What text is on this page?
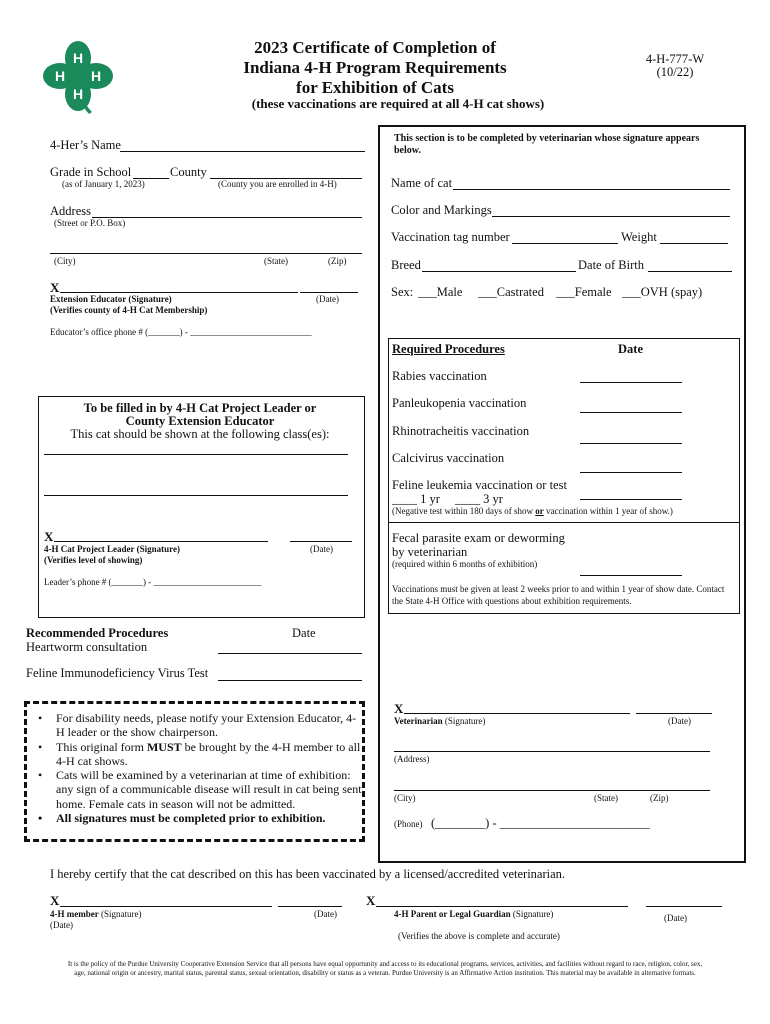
H
H
H H
2023 Certificate of Completion of
Indiana 4-H Program Requirements
for Exhibition of Cats
(these vaccinations are required at all 4-H cat shows)
4-H-777-W
(10/22)
4-Her’s Name
Grade in School	County
(as of January 1, 2023)	(County you are enrolled in 4-H)
Address
(Street or P.O. Box)
(City)	(State)	(Zip)
X
Extension Educator (Signature)	(Date)
(Verifies county of 4-H Cat Membership)
Educator’s office phone # (_______) - ___________________________
To be filled in by 4-H Cat Project Leader or
County Extension Educator
This cat should be shown at the following class(es):
X
4-H Cat Project Leader (Signature)	(Date)
(Verifies level of showing)
Leader’s phone # (_______) - ________________________
Recommended Procedures	Date
Heartworm consultation
Feline Immunodeficiency Virus Test
• For disability needs, please notify your Extension Educator, 4-H leader or the show chairperson.
• This original form MUST be brought by the 4-H member to all 4-H cat shows.
• Cats will be examined by a veterinarian at time of exhibition: any sign of a communicable disease will result in cat being sent home. Female cats in season will not be admitted.
• All signatures must be completed prior to exhibition.
This section is to be completed by veterinarian whose signature appears below.
Name of cat
Color and Markings
Vaccination tag number	Weight
Breed	Date of Birth
Sex: ___Male ___Castrated ___Female ___OVH (spay)
Required Procedures	Date
Rabies vaccination
Panleukopenia vaccination
Rhinotracheitis vaccination
Calcivirus vaccination
Feline leukemia vaccination or test
____ 1 yr ____ 3 yr
(Negative test within 180 days of show or vaccination within 1 year of show.)
Fecal parasite exam or deworming
by veterinarian
(required within 6 months of exhibition)
Vaccinations must be given at least 2 weeks prior to and within 1 year of show date. Contact the State 4-H Office with questions about exhibition requirements.
X
Veterinarian (Signature)	(Date)
(Address)
(City)	(State)	(Zip)
(Phone) (________) - ________________________
I hereby certify that the cat described on this has been vaccinated by a licensed/accredited veterinarian.
X
4-H member (Signature)
(Date)
(Date)
X
4-H Parent or Legal Guardian (Signature)	(Date)
(Verifies the above is complete and accurate)
It is the policy of the Purdue University Cooperative Extension Service that all persons have equal opportunity and access to its educational programs, services, activities, and facilities without regard to race, religion, color, sex,
age, national origin or ancestry, marital status, parental status, sexual orientation, disability or status as a veteran. Purdue University is an Affirmative Action institution. This material may be available in alternative formats.
